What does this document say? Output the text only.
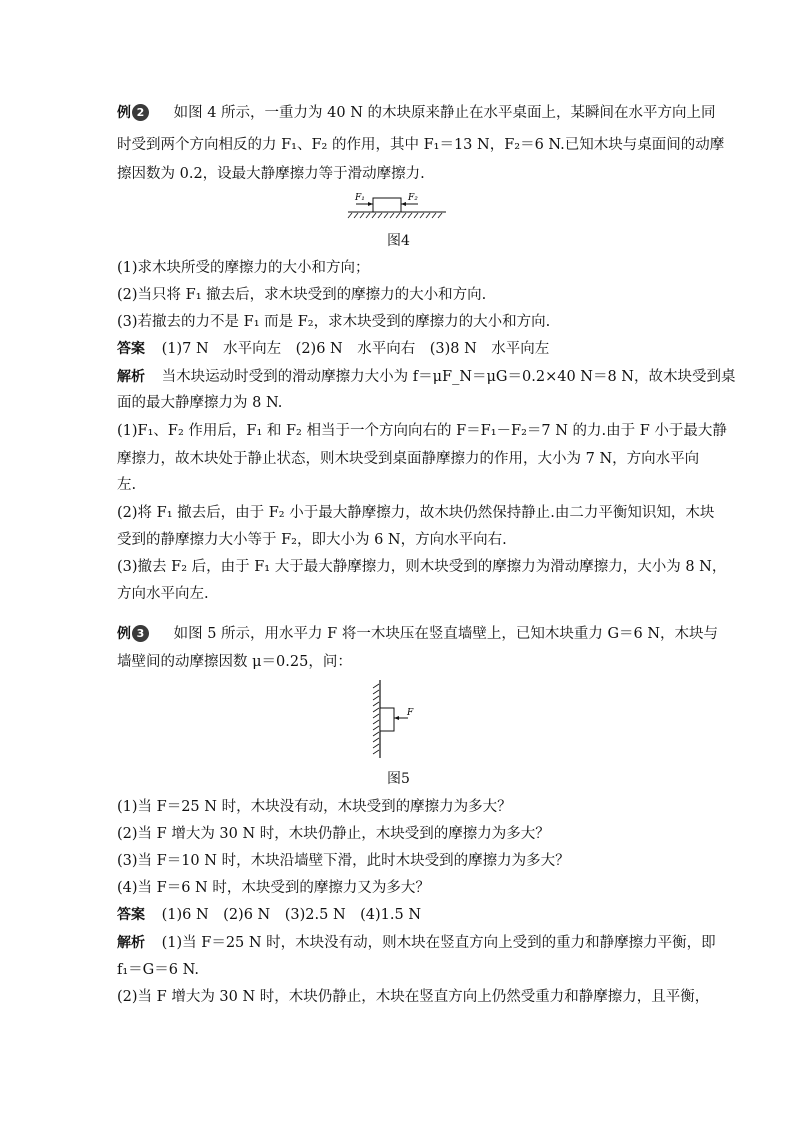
例 2 如图 4 所示，一重力为 40 N 的木块原来静止在水平桌面上，某瞬间在水平方向上同
时受到两个方向相反的力 F₁、F₂ 的作用，其中 F₁＝13 N，F₂＝6 N.已知木块与桌面间的动摩
擦因数为 0.2，设最大静摩擦力等于滑动摩擦力.
F₁	F₂
图4
(1)求木块所受的摩擦力的大小和方向；
(2)当只将 F₁ 撤去后，求木块受到的摩擦力的大小和方向.
(3)若撤去的力不是 F₁ 而是 F₂，求木块受到的摩擦力的大小和方向.
答案 (1)7 N　水平向左　(2)6 N　水平向右　(3)8 N　水平向左
解析 当木块运动时受到的滑动摩擦力大小为 f＝μF_N＝μG＝0.2×40 N＝8 N，故木块受到桌
面的最大静摩擦力为 8 N.
(1)F₁、F₂ 作用后，F₁ 和 F₂ 相当于一个方向向右的 F＝F₁－F₂＝7 N 的力.由于 F 小于最大静
摩擦力，故木块处于静止状态，则木块受到桌面静摩擦力的作用，大小为 7 N，方向水平向
左.
(2)将 F₁ 撤去后，由于 F₂ 小于最大静摩擦力，故木块仍然保持静止.由二力平衡知识知，木块
受到的静摩擦力大小等于 F₂，即大小为 6 N，方向水平向右.
(3)撤去 F₂ 后，由于 F₁ 大于最大静摩擦力，则木块受到的摩擦力为滑动摩擦力，大小为 8 N，
方向水平向左.
例 3 如图 5 所示，用水平力 F 将一木块压在竖直墙壁上，已知木块重力 G＝6 N，木块与
墙壁间的动摩擦因数 μ＝0.25，问：
F
图5
(1)当 F＝25 N 时，木块没有动，木块受到的摩擦力为多大？
(2)当 F 增大为 30 N 时，木块仍静止，木块受到的摩擦力为多大？
(3)当 F＝10 N 时，木块沿墙壁下滑，此时木块受到的摩擦力为多大？
(4)当 F＝6 N 时，木块受到的摩擦力又为多大？
答案 (1)6 N　(2)6 N　(3)2.5 N　(4)1.5 N
解析 (1)当 F＝25 N 时，木块没有动，则木块在竖直方向上受到的重力和静摩擦力平衡，即
f₁＝G＝6 N.
(2)当 F 增大为 30 N 时，木块仍静止，木块在竖直方向上仍然受重力和静摩擦力，且平衡，
